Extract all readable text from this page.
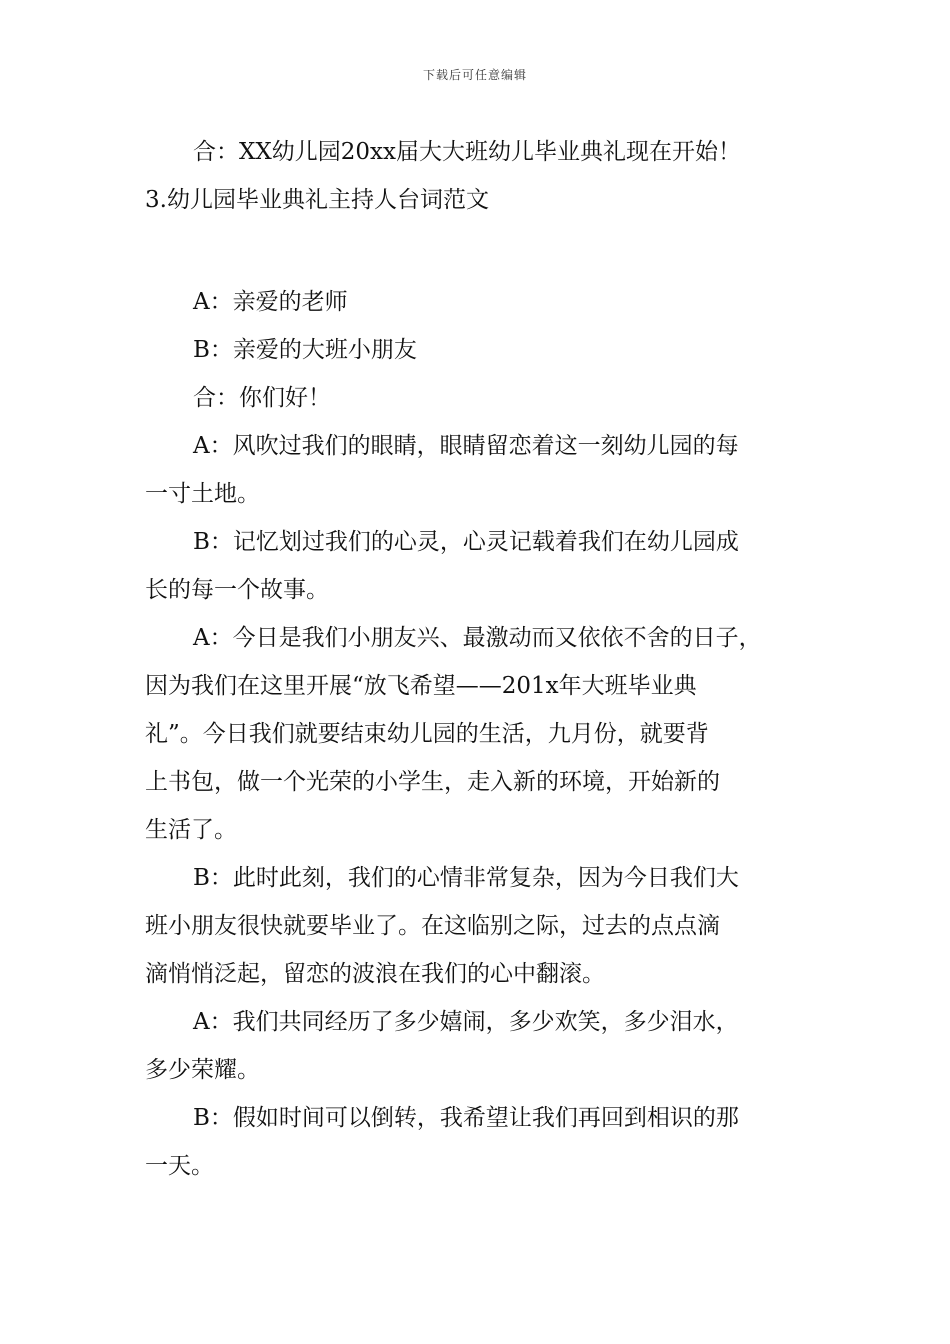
下载后可任意编辑
合：XX幼儿园20xx届大大班幼儿毕业典礼现在开始！
3.幼儿园毕业典礼主持人台词范文
A：亲爱的老师
B：亲爱的大班小朋友
合：你们好！
A：风吹过我们的眼睛，眼睛留恋着这一刻幼儿园的每
一寸土地。
B：记忆划过我们的心灵，心灵记载着我们在幼儿园成
长的每一个故事。
A：今日是我们小朋友兴、最激动而又依依不舍的日子，
因为我们在这里开展“放飞希望——201x年大班毕业典
礼”。今日我们就要结束幼儿园的生活，九月份，就要背
上书包，做一个光荣的小学生，走入新的环境，开始新的
生活了。
B：此时此刻，我们的心情非常复杂，因为今日我们大
班小朋友很快就要毕业了。在这临别之际，过去的点点滴
滴悄悄泛起，留恋的波浪在我们的心中翻滚。
A：我们共同经历了多少嬉闹，多少欢笑，多少泪水，
多少荣耀。
B：假如时间可以倒转，我希望让我们再回到相识的那
一天。
